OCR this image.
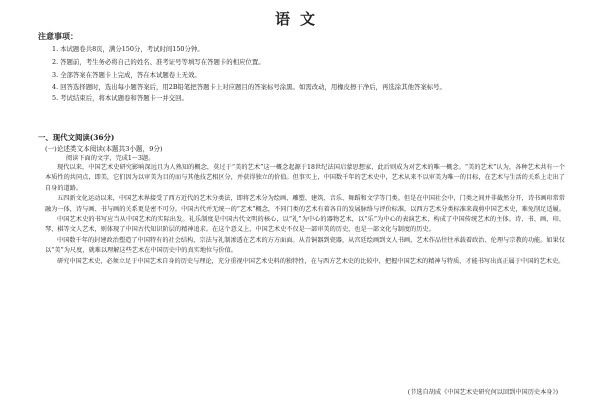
语文
注意事项：
1. 本试题卷共8页，满分150分，考试时间150分钟。
2. 答题前，考生务必将自己的姓名、准考证号等填写在答题卡的相应位置。
3. 全部答案在答题卡上完成，答在本试题卷上无效。
4. 回答选择题时，选出每小题答案后，用2B铅笔把答题卡上对应题目的答案标号涂黑。如需改动，用橡皮擦干净后，再选涂其他答案标号。
5. 考试结束后，将本试题卷和答题卡一并交回。
一、现代文阅读(36分)
(一)论述类文本阅读(本题共3小题，9分)
阅读下面的文字，完成1～3题。

现代以来，中国艺术史研究影响深远且为人熟知的概念，莫过于“美的艺术”这一概念起源于18世纪法国启蒙思想家，此后则成为对艺术的唯一概念。“美的艺术”认为，各种艺术共有一个本质性的共同点，即美，它们因为以审美为目的而与其他技艺相区分，并获得独立的价值。但事实上，中国数千年的艺术史中，艺术从来不以审美为唯一的目标，在艺术与生活的关系上走出了自身的道路。

五四新文化运动以来，中国艺术界接受了西方近代的艺术分类法，即将艺术分为绘画、雕塑、建筑、音乐、舞蹈和文学等门类。但是在中国社会中，门类之间并非截然分开，诗书画印常常融为一体，诗与画、书与画的关系更是密不可分。中国古代并无统一的“艺术”概念，不同门类的艺术有着各自的发展脉络与评价标准，以西方艺术分类标准来裁剪中国艺术史，难免削足适履。

中国艺术史的书写应当从中国艺术的实际出发。礼乐制度是中国古代文明的核心，以“礼”为中心的器物艺术，以“乐”为中心的表演艺术，构成了中国传统艺术的主体。诗、书、画、印、琴、棋等文人艺术，则体现了中国古代知识阶层的精神追求。在这个意义上，中国艺术史不仅是一部审美的历史，也是一部文化与制度的历史。

中国数千年的封建政治塑造了中国特有的社会结构，宗法与礼制渗透在艺术的方方面面。从青铜器到瓷器，从宫廷绘画到文人书画，艺术作品往往承载着政治、伦理与宗教的功能。如果仅以“美”为尺度，就难以理解这些艺术在中国历史中的真实地位与价值。

研究中国艺术史，必须立足于中国艺术自身的历史与理论，充分重视中国艺术史料的独特性，在与西方艺术史的比较中，把握中国艺术的精神与特质，才能书写出真正属于中国的艺术史。

(节选自胡成《中国艺术史研究何以回到中国历史本身》)
